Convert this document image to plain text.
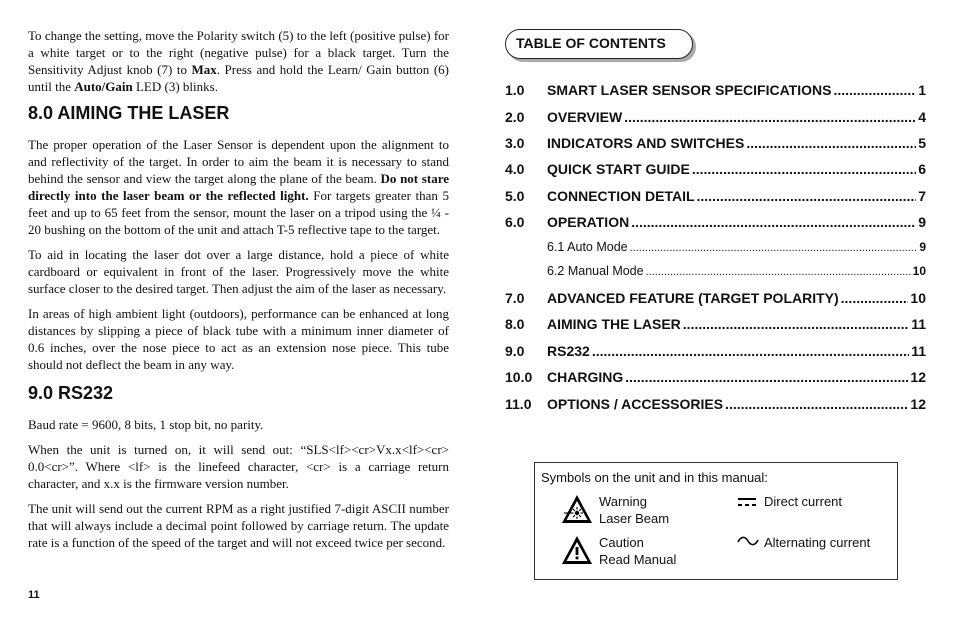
To change the setting, move the Polarity switch (5) to the left (positive pulse) for a white target or to the right (negative pulse) for a black target. Turn the Sensitivity Adjust knob (7) to Max. Press and hold the Learn/ Gain button (6) until the Auto/Gain LED (3) blinks.

8.0 AIMING THE LASER

The proper operation of the Laser Sensor is dependent upon the alignment to and reflectivity of the target. In order to aim the beam it is necessary to stand behind the sensor and view the target along the plane of the beam. Do not stare directly into the laser beam or the reflected light. For targets greater than 5 feet and up to 65 feet from the sensor, mount the laser on a tripod using the ¼ - 20 bushing on the bottom of the unit and attach T-5 reflective tape to the target.

To aid in locating the laser dot over a large distance, hold a piece of white cardboard or equivalent in front of the laser. Progressively move the white surface closer to the desired target. Then adjust the aim of the laser as necessary.

In areas of high ambient light (outdoors), performance can be enhanced at long distances by slipping a piece of black tube with a minimum inner diameter of 0.6 inches, over the nose piece to act as an extension nose piece. This tube should not deflect the beam in any way.

9.0 RS232

Baud rate = 9600, 8 bits, 1 stop bit, no parity.

When the unit is turned on, it will send out: “SLS<lf><cr>Vx.x<lf><cr> 0.0<cr>”. Where <lf> is the linefeed character, <cr> is a carriage return character, and x.x is the firmware version number.

The unit will send out the current RPM as a right justified 7-digit ASCII number that will always include a decimal point followed by carriage return. The update rate is a function of the speed of the target and will not exceed twice per second.

11
TABLE OF CONTENTS
1.0	SMART LASER SENSOR SPECIFICATIONS .....	1
2.0	OVERVIEW .....	4
3.0	INDICATORS AND SWITCHES .....	5
4.0	QUICK START GUIDE .....	6
5.0	CONNECTION DETAIL .....	7
6.0	OPERATION .....	9
6.1 Auto Mode .....	9
6.2 Manual Mode .....	10
7.0	ADVANCED FEATURE (TARGET POLARITY) .....	10
8.0	AIMING THE LASER .....	11
9.0	RS232 .....	11
10.0	CHARGING .....	12
11.0	OPTIONS / ACCESSORIES .....	12
Symbols on the unit and in this manual:
Warning
Laser Beam
Caution
Read Manual
Direct current
Alternating current
